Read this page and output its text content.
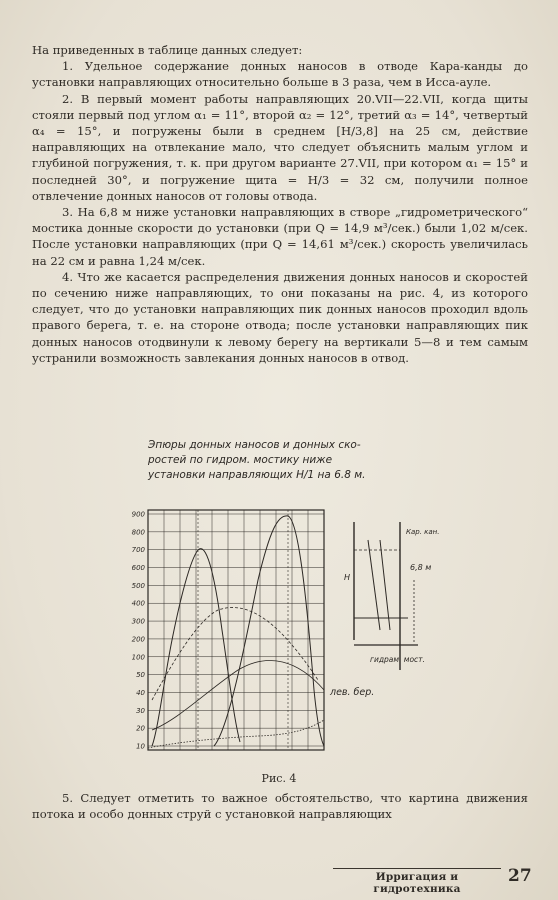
На приведенных в таблице данных следует:

1. Удельное содержание донных наносов в отводе Кара-канды до установки направляющих относительно больше в 3 раза, чем в Исса-ауле.

2. В первый момент работы направляющих 20.VII—22.VII, когда щиты стояли первый под углом α₁ = 11°, второй α₂ = 12°, третий α₃ = 14°, четвертый α₄ = 15°, и погружены были в среднем [H/3,8] на 25 см, действие направляющих на отвлекание мало, что следует объяснить малым углом и глубиной погружения, т. к. при другом варианте 27.VII, при котором α₁ = 15° и последней 30°, и погружение щита = H/3 = 32 см, получили полное отвлечение донных наносов от головы отвода.

3. На 6,8 м ниже установки направляющих в створе „гидрометрического“ мостика донные скорости до установки (при Q = 14,9 м³/сек.) были 1,02 м/сек. После установки направляющих (при Q = 14,61 м³/сек.) скорость увеличилась на 22 см и равна 1,24 м/сек.

4. Что же касается распределения движения донных наносов и скоростей по сечению ниже направляющих, то они показаны на рис. 4, из которого следует, что до установки направляющих пик донных наносов проходил вдоль правого берега, т. е. на стороне отвода; после установки направляющих пик донных наносов отодвинули к левому берегу на вертикали 5—8 и тем самым устранили возможность завлекания донных наносов в отвод.

Эпюры донных наносов и донных ско-
ростей по гидром. мостику ниже
установки направляющих H/1 на 6.8 м.
900
800
700
600
500
400
300
200
100
50
40
30
20
10
лев. бер.
H
6,8 м
гидрам. мост.
Кар. кан.
Рис. 4

5. Следует отметить то важное обстоятельство, что картина движения потока и особо донных струй с установкой направляющих

Ирригация и гидротехника
27
